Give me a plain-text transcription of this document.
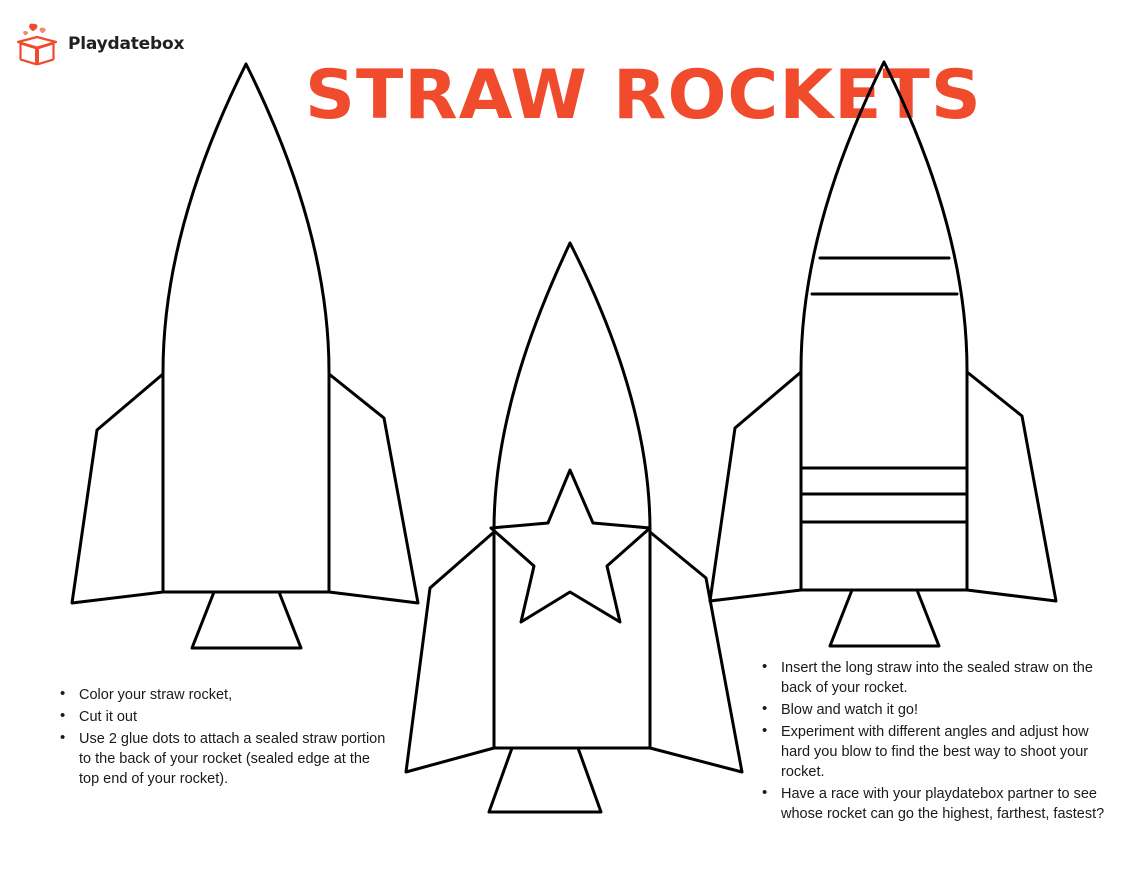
Playdatebox
STRAW ROCKETS
• Color your straw rocket,
• Cut it out
• Use 2 glue dots to attach a sealed straw portion to the back of your rocket (sealed edge at the top end of your rocket).
• Insert the long straw into the sealed straw on the back of your rocket.
• Blow and watch it go!
• Experiment with different angles and adjust how hard you blow to find the best way to shoot your rocket.
• Have a race with your playdatebox partner to see whose rocket can go the highest, farthest, fastest?
